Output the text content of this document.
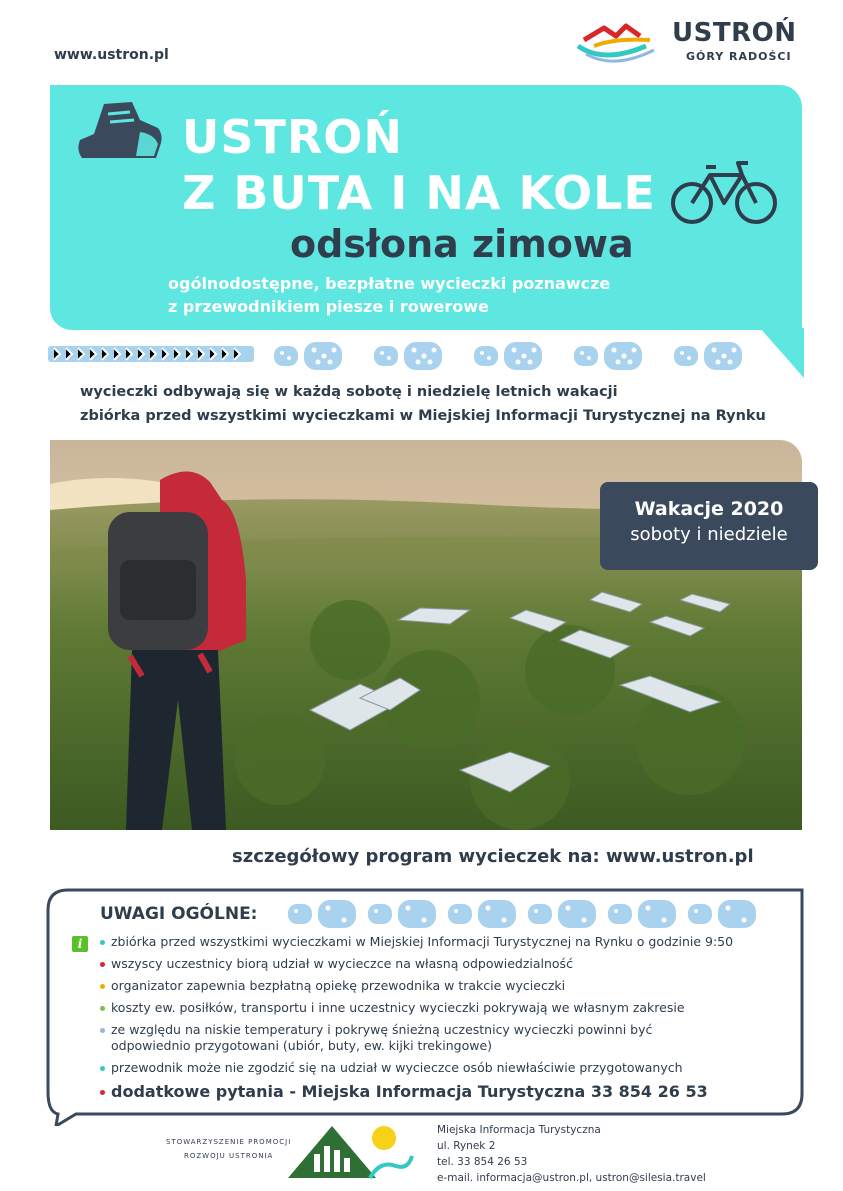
www.ustron.pl
USTROŃ
GÓRY RADOŚCI
USTROŃ
Z BUTA I NA KOLE
odsłona zimowa
ogólnodostępne, bezpłatne wycieczki poznawcze
z przewodnikiem piesze i rowerowe
wycieczki odbywają się w każdą sobotę i niedzielę letnich wakacji
zbiórka przed wszystkimi wycieczkami w Miejskiej Informacji Turystycznej na Rynku
Wakacje 2020
soboty i niedziele
szczegółowy program wycieczek na: www.ustron.pl
UWAGI OGÓLNE:
i	zbiórka przed wszystkimi wycieczkami w Miejskiej Informacji Turystycznej na Rynku o godzinie 9:50
wszyscy uczestnicy biorą udział w wycieczce na własną odpowiedzialność
organizator zapewnia bezpłatną opiekę przewodnika w trakcie wycieczki
koszty ew. posiłków, transportu i inne uczestnicy wycieczki pokrywają we własnym zakresie
ze względu na niskie temperatury i pokrywę śnieżną uczestnicy wycieczki powinni być
odpowiednio przygotowani (ubiór, buty, ew. kijki trekingowe)
przewodnik może nie zgodzić się na udział w wycieczce osób niewłaściwie przygotowanych
dodatkowe pytania - Miejska Informacja Turystyczna 33 854 26 53
STOWARZYSZENIE PROMOCJI
ROZWOJU USTRONIA
Miejska Informacja Turystyczna
ul. Rynek 2
tel. 33 854 26 53
e-mail. informacja@ustron.pl, ustron@silesia.travel
